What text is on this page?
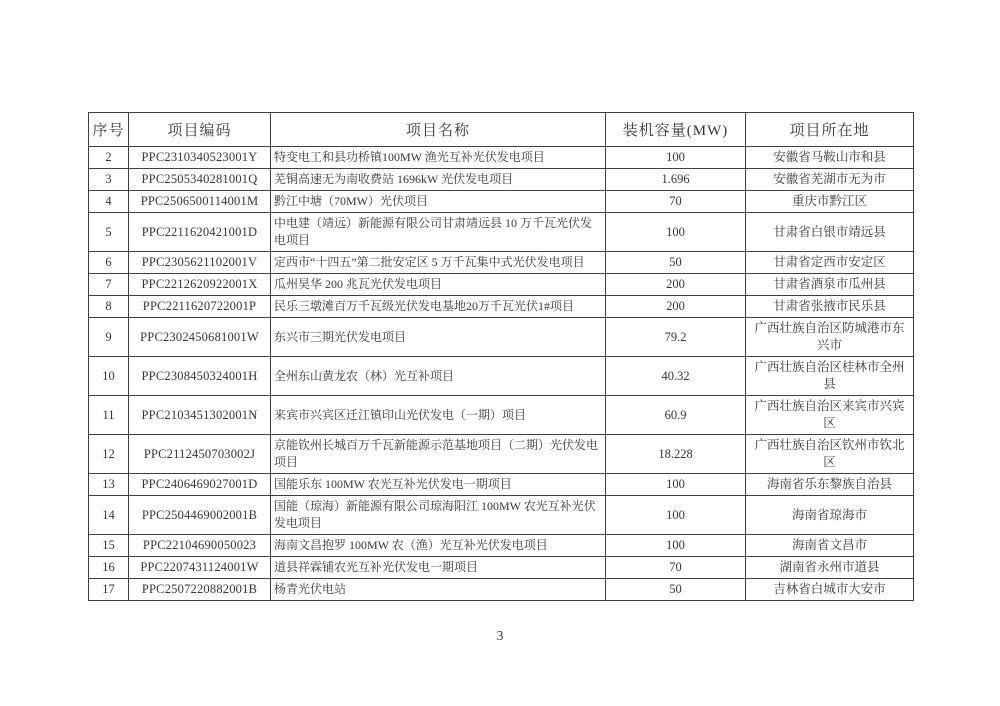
序号	项目编码	项目名称	装机容量(MW)	项目所在地
2	PPC2310340523001Y	特变电工和县功桥镇100MW 渔光互补光伏发电项目	100	安徽省马鞍山市和县
3	PPC2505340281001Q	芜铜高速无为南收费站 1696kW 光伏发电项目	1.696	安徽省芜湖市无为市
4	PPC2506500114001M	黔江中塘（70MW）光伏项目	70	重庆市黔江区
5	PPC2211620421001D	中电建（靖远）新能源有限公司甘肃靖远县 10 万千瓦光伏发电项目	100	甘肃省白银市靖远县
6	PPC2305621102001V	定西市“十四五”第二批安定区 5 万千瓦集中式光伏发电项目	50	甘肃省定西市安定区
7	PPC2212620922001X	瓜州昊华 200 兆瓦光伏发电项目	200	甘肃省酒泉市瓜州县
8	PPC2211620722001P	民乐三墩滩百万千瓦级光伏发电基地20万千瓦光伏1#项目	200	甘肃省张掖市民乐县
9	PPC2302450681001W	东兴市三期光伏发电项目	79.2	广西壮族自治区防城港市东兴市
10	PPC2308450324001H	全州东山黄龙农（林）光互补项目	40.32	广西壮族自治区桂林市全州县
11	PPC2103451302001N	来宾市兴宾区迁江镇印山光伏发电（一期）项目	60.9	广西壮族自治区来宾市兴宾区
12	PPC2112450703002J	京能钦州长城百万千瓦新能源示范基地项目（二期）光伏发电项目	18.228	广西壮族自治区钦州市钦北区
13	PPC2406469027001D	国能乐东 100MW 农光互补光伏发电一期项目	100	海南省乐东黎族自治县
14	PPC2504469002001B	国能（琼海）新能源有限公司琼海阳江 100MW 农光互补光伏发电项目	100	海南省琼海市
15	PPC22104690050023	海南文昌抱罗 100MW 农（渔）光互补光伏发电项目	100	海南省文昌市
16	PPC2207431124001W	道县祥霖铺农光互补光伏发电一期项目	70	湖南省永州市道县
17	PPC2507220882001B	杨青光伏电站	50	吉林省白城市大安市
3
